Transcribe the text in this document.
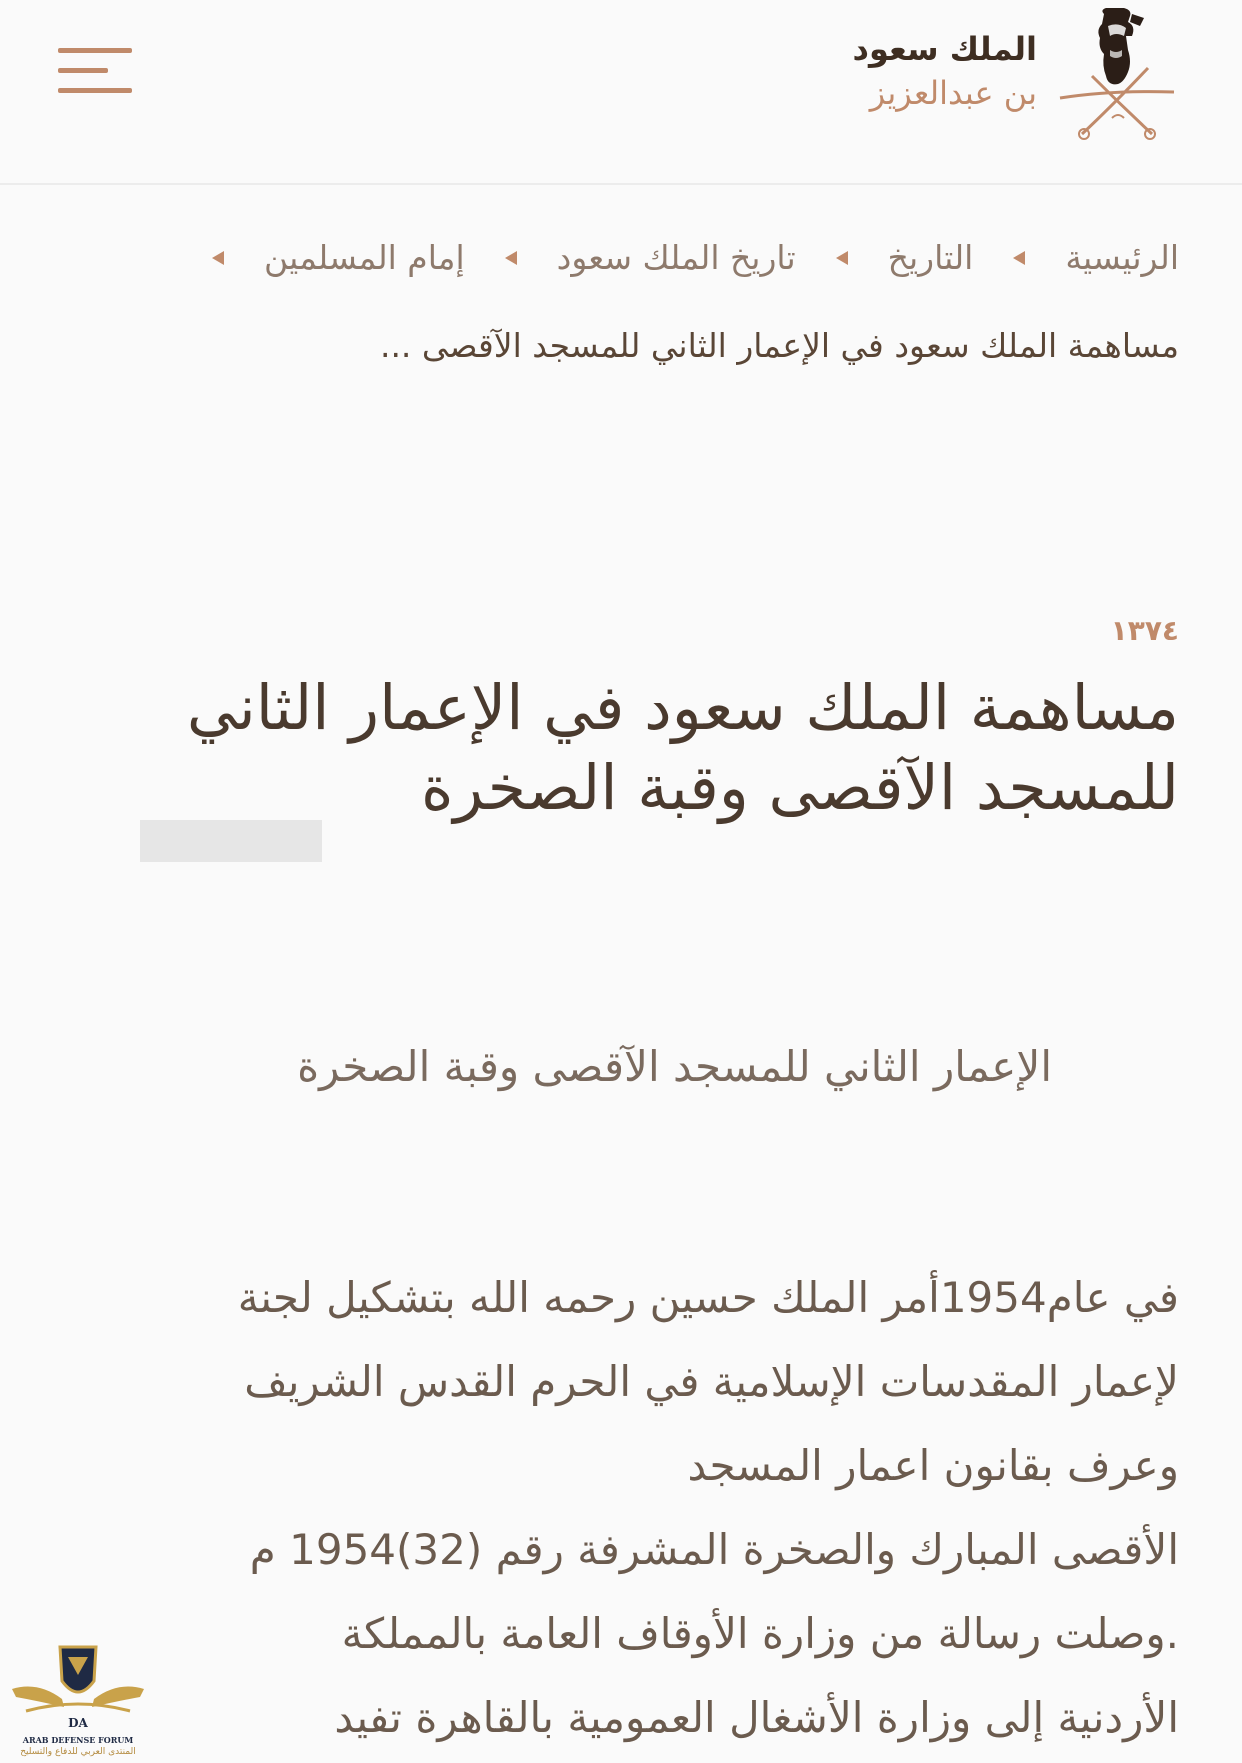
الملك سعود
بن عبدالعزيز
الرئيسية
التاريخ
تاريخ الملك سعود
إمام المسلمين
مساهمة الملك سعود في الإعمار الثاني للمسجد الآقصى ...
١٣٧٤
مساهمة الملك سعود في الإعمار الثاني للمسجد الآقصى وقبة الصخرة
الإعمار الثاني للمسجد الآقصى وقبة الصخرة
في عام1954أمر الملك حسين رحمه الله بتشكيل لجنة
لإعمار المقدسات الإسلامية في الحرم القدس الشريف
وعرف بقانون اعمار المسجد
الأقصى المبارك والصخرة المشرفة رقم (32)1954 م
.وصلت رسالة من وزارة الأوقاف العامة بالمملكة
الأردنية إلى وزارة الأشغال العمومية بالقاهرة تفيد
DA
ARAB DEFENSE FORUM
المنتدى العربي للدفاع والتسليح
